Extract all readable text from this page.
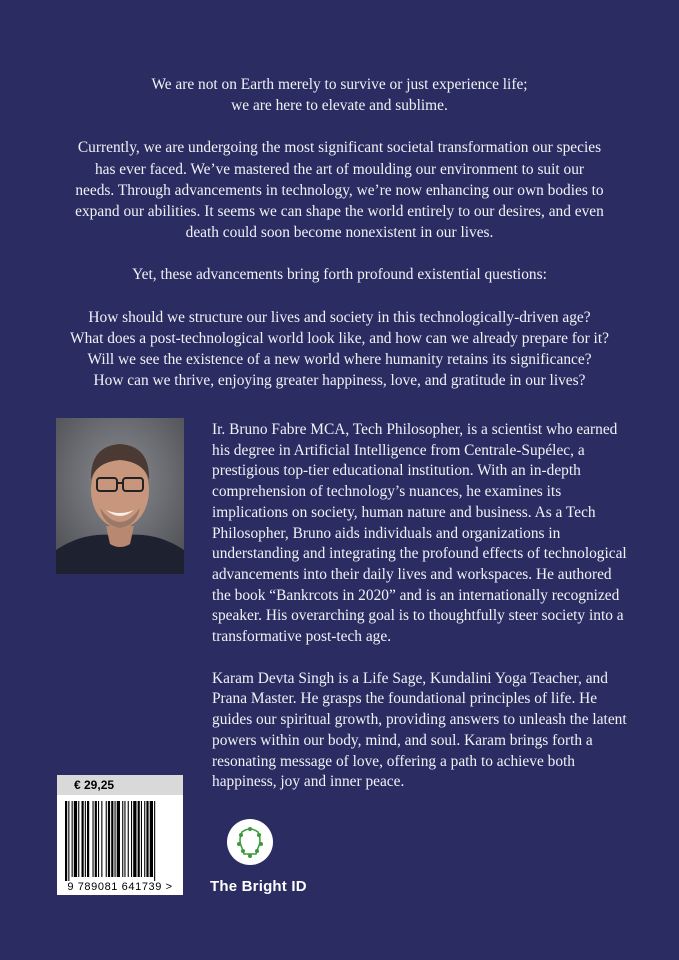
We are not on Earth merely to survive or just experience life;
we are here to elevate and sublime.

Currently, we are undergoing the most significant societal transformation our species
has ever faced. We’ve mastered the art of moulding our environment to suit our
needs. Through advancements in technology, we’re now enhancing our own bodies to
expand our abilities. It seems we can shape the world entirely to our desires, and even
death could soon become nonexistent in our lives.

Yet, these advancements bring forth profound existential questions:

How should we structure our lives and society in this technologically-driven age?
What does a post-technological world look like, and how can we already prepare for it?
Will we see the existence of a new world where humanity retains its significance?
How can we thrive, enjoying greater happiness, love, and gratitude in our lives?

Ir. Bruno Fabre MCA, Tech Philosopher, is a scientist who earned his degree in Artificial Intelligence from Centrale-Supélec, a prestigious top-tier educational institution. With an in-depth comprehension of technology’s nuances, he examines its implications on society, human nature and business. As a Tech Philosopher, Bruno aids individuals and organizations in understanding and integrating the profound effects of technological advancements into their daily lives and workspaces. He authored the book “Bankrcots in 2020” and is an internationally recognized speaker. His overarching goal is to thoughtfully steer society into a transformative post-tech age.

Karam Devta Singh is a Life Sage, Kundalini Yoga Teacher, and Prana Master. He grasps the foundational principles of life. He guides our spiritual growth, providing answers to unleash the latent powers within our body, mind, and soul. Karam brings forth a resonating message of love, offering a path to achieve both happiness, joy and inner peace.

€ 29,25
9 789081 641739 >	The Bright ID
